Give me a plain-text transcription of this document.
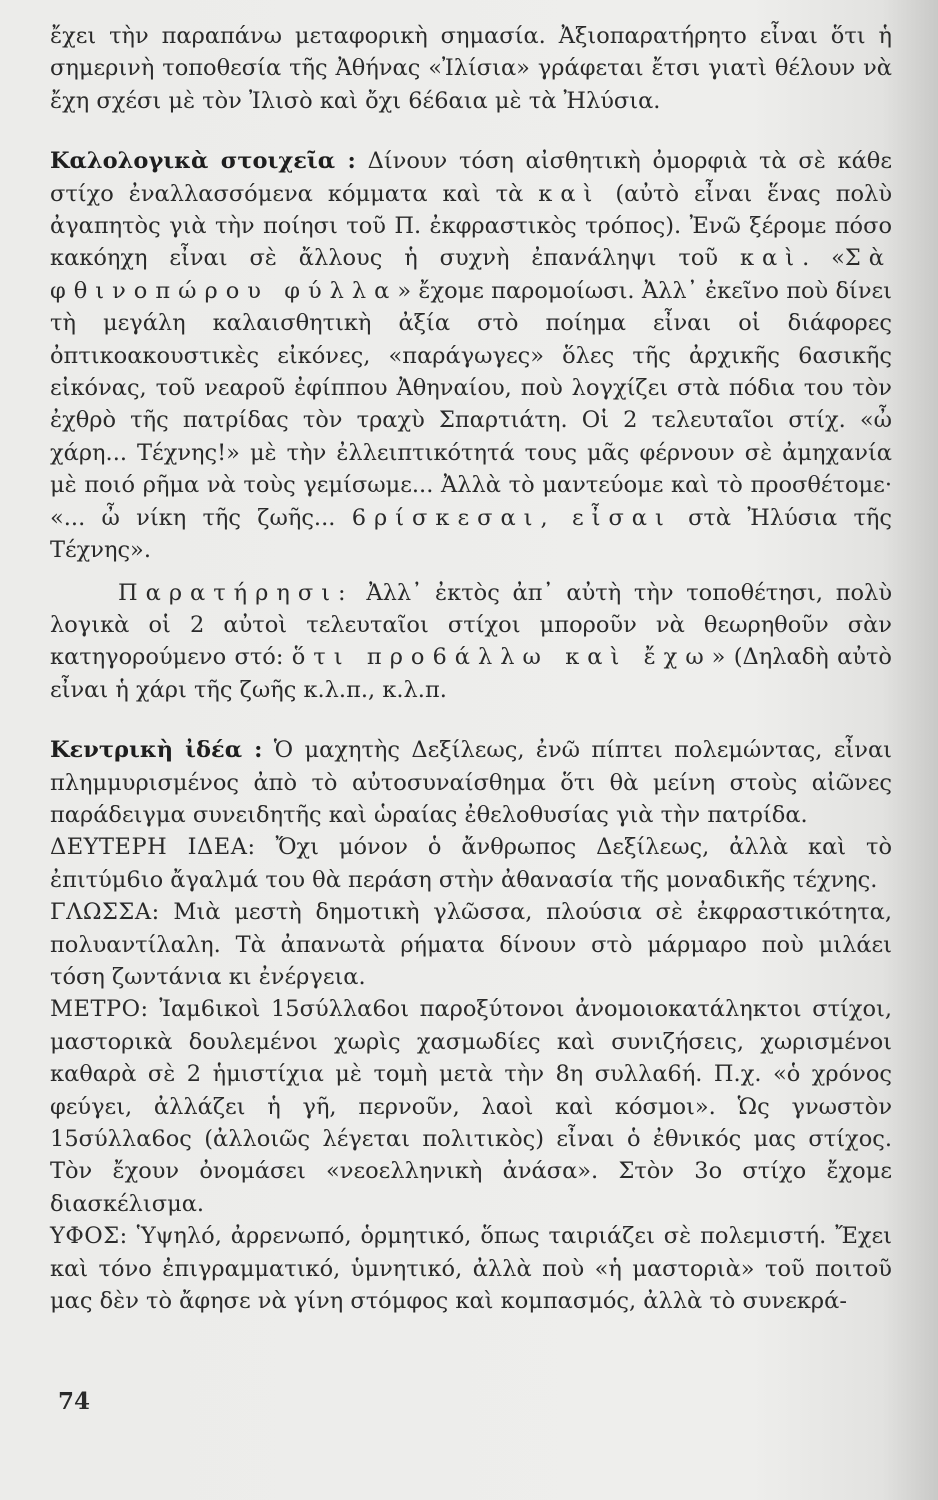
ἔχει τὴν παραπάνω μεταφορικὴ σημασία. Ἀξιοπαρατήρητο εἶναι ὅτι ἡ σημερινὴ τοποθεσία τῆς Ἀθήνας «Ἰλίσια» γράφεται ἔτσι γιατὶ θέλουν νὰ ἔχη σχέσι μὲ τὸν Ἰλισὸ καὶ ὄχι 6έ6αια μὲ τὰ Ἠλύσια.

Καλολογικὰ στοιχεῖα : Δίνουν τόση αἰσθητικὴ ὀμορφιὰ τὰ σὲ κάθε στίχο ἐναλλασσόμενα κόμματα καὶ τὰ καὶ (αὐτὸ εἶναι ἕνας πολὺ ἀγαπητὸς γιὰ τὴν ποίησι τοῦ Π. ἐκφραστικὸς τρόπος). Ἐνῶ ξέρομε πόσο κακόηχη εἶναι σὲ ἄλλους ἡ συχνὴ ἐπανάληψι τοῦ καὶ. «Σὰ φθινοπώρου φύλλα» ἔχομε παρομοίωσι. Ἀλλ᾽ ἐκεῖνο ποὺ δίνει τὴ μεγάλη καλαισθητικὴ ἀξία στὸ ποίημα εἶναι οἱ διάφορες ὀπτικοακουστικὲς εἰκόνες, «παράγωγες» ὅλες τῆς ἀρχικῆς 6ασικῆς εἰκόνας, τοῦ νεαροῦ ἐφίππου Ἀθηναίου, ποὺ λογχίζει στὰ πόδια του τὸν ἐχθρὸ τῆς πατρίδας τὸν τραχὺ Σπαρτιάτη. Οἱ 2 τελευταῖοι στίχ. «ὦ χάρη... Τέχνης!» μὲ τὴν ἐλλειπτικότητά τους μᾶς φέρνουν σὲ ἀμηχανία μὲ ποιό ρῆμα νὰ τοὺς γεμίσωμε... Ἀλλὰ τὸ μαντεύομε καὶ τὸ προσθέτομε· «... ὦ νίκη τῆς ζωῆς... 6ρίσκεσαι, εἶσαι στὰ Ἠλύσια τῆς Τέχνης».

Παρατήρησι: Ἀλλ᾽ ἐκτὸς ἀπ᾽ αὐτὴ τὴν τοποθέτησι, πολὺ λογικὰ οἱ 2 αὐτοὶ τελευταῖοι στίχοι μποροῦν νὰ θεωρηθοῦν σὰν κατηγορούμενο στό: ὅτι προ6άλλω καὶ ἔχω» (Δηλαδὴ αὐτὸ εἶναι ἡ χάρι τῆς ζωῆς κ.λ.π., κ.λ.π.

Κεντρικὴ ἰδέα : Ὁ μαχητὴς Δεξίλεως, ἐνῶ πίπτει πολεμώντας, εἶναι πλημμυρισμένος ἀπὸ τὸ αὐτοσυναίσθημα ὅτι θὰ μείνη στοὺς αἰῶνες παράδειγμα συνειδητῆς καὶ ὡραίας ἐθελοθυσίας γιὰ τὴν πατρίδα.

ΔΕΥΤΕΡΗ ΙΔΕΑ: Ὄχι μόνον ὁ ἄνθρωπος Δεξίλεως, ἀλλὰ καὶ τὸ ἐπιτύμ6ιο ἄγαλμά του θὰ περάση στὴν ἀθανασία τῆς μοναδικῆς τέχνης.

ΓΛΩΣΣΑ: Μιὰ μεστὴ δημοτικὴ γλῶσσα, πλούσια σὲ ἐκφραστικότητα, πολυαντίλαλη. Τὰ ἀπανωτὰ ρήματα δίνουν στὸ μάρμαρο ποὺ μιλάει τόση ζωντάνια κι ἐνέργεια.

ΜΕΤΡΟ: Ἰαμ6ικοὶ 15σύλλα6οι παροξύτονοι ἀνομοιοκατάληκτοι στίχοι, μαστορικὰ δουλεμένοι χωρὶς χασμωδίες καὶ συνιζήσεις, χωρισμένοι καθαρὰ σὲ 2 ἡμιστίχια μὲ τομὴ μετὰ τὴν 8η συλλα6ή. Π.χ. «ὁ χρόνος φεύγει, ἀλλάζει ἡ γῆ, περνοῦν, λαοὶ καὶ κόσμοι». Ὡς γνωστὸν 15σύλλα6ος (ἀλλοιῶς λέγεται πολιτικὸς) εἶναι ὁ ἐθνικός μας στίχος. Τὸν ἔχουν ὀνομάσει «νεοελληνικὴ ἀνάσα». Στὸν 3ο στίχο ἔχομε διασκέλισμα.

ΥΦΟΣ: Ὑψηλό, ἀρρενωπό, ὁρμητικό, ὅπως ταιριάζει σὲ πολεμιστή. Ἔχει καὶ τόνο ἐπιγραμματικό, ὑμνητικό, ἀλλὰ ποὺ «ἡ μαστοριὰ» τοῦ ποιτοῦ μας δὲν τὸ ἄφησε νὰ γίνη στόμφος καὶ κομπασμός, ἀλλὰ τὸ συνεκρά-

74
